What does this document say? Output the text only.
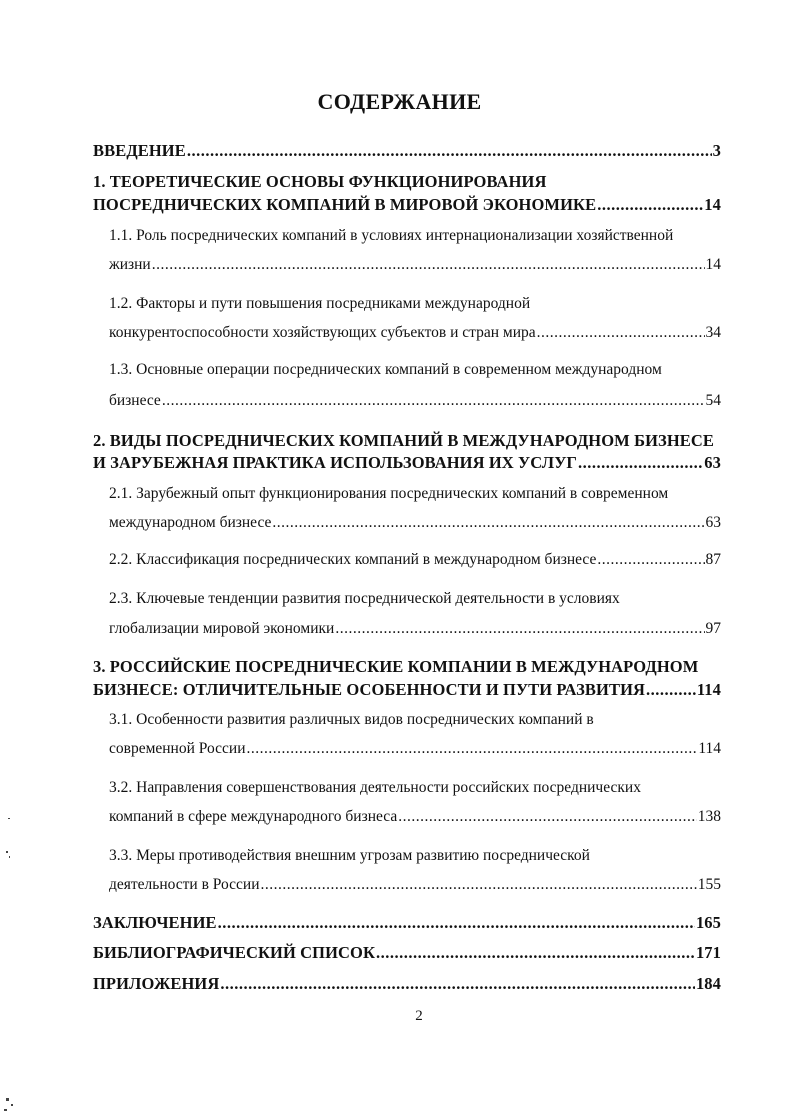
СОДЕРЖАНИЕ
ВВЕДЕНИЕ .....	3
1. ТЕОРЕТИЧЕСКИЕ ОСНОВЫ ФУНКЦИОНИРОВАНИЯ
ПОСРЕДНИЧЕСКИХ КОМПАНИЙ В МИРОВОЙ ЭКОНОМИКЕ .....	14
1.1. Роль посреднических компаний в условиях интернационализации хозяйственной
жизни .....	14
1.2. Факторы и пути повышения посредниками международной
конкурентоспособности хозяйствующих субъектов и стран мира .....	34
1.3. Основные операции посреднических компаний в современном международном
бизнесе .....	54
2. ВИДЫ ПОСРЕДНИЧЕСКИХ КОМПАНИЙ В МЕЖДУНАРОДНОМ БИЗНЕСЕ
И ЗАРУБЕЖНАЯ ПРАКТИКА ИСПОЛЬЗОВАНИЯ ИХ УСЛУГ .....	63
2.1. Зарубежный опыт функционирования посреднических компаний в современном
международном бизнесе .....	63
2.2. Классификация посреднических компаний в международном бизнесе .....	87
2.3. Ключевые тенденции развития посреднической деятельности в условиях
глобализации мировой экономики .....	97
3. РОССИЙСКИЕ ПОСРЕДНИЧЕСКИЕ КОМПАНИИ В МЕЖДУНАРОДНОМ
БИЗНЕСЕ: ОТЛИЧИТЕЛЬНЫЕ ОСОБЕННОСТИ И ПУТИ РАЗВИТИЯ .....	114
3.1. Особенности развития различных видов посреднических компаний в
современной России .....	114
3.2. Направления совершенствования деятельности российских посреднических
компаний в сфере международного бизнеса .....	138
3.3. Меры противодействия внешним угрозам развитию посреднической
деятельности в России .....	155
ЗАКЛЮЧЕНИЕ .....	165
БИБЛИОГРАФИЧЕСКИЙ СПИСОК .....	171
ПРИЛОЖЕНИЯ .....	184
2
